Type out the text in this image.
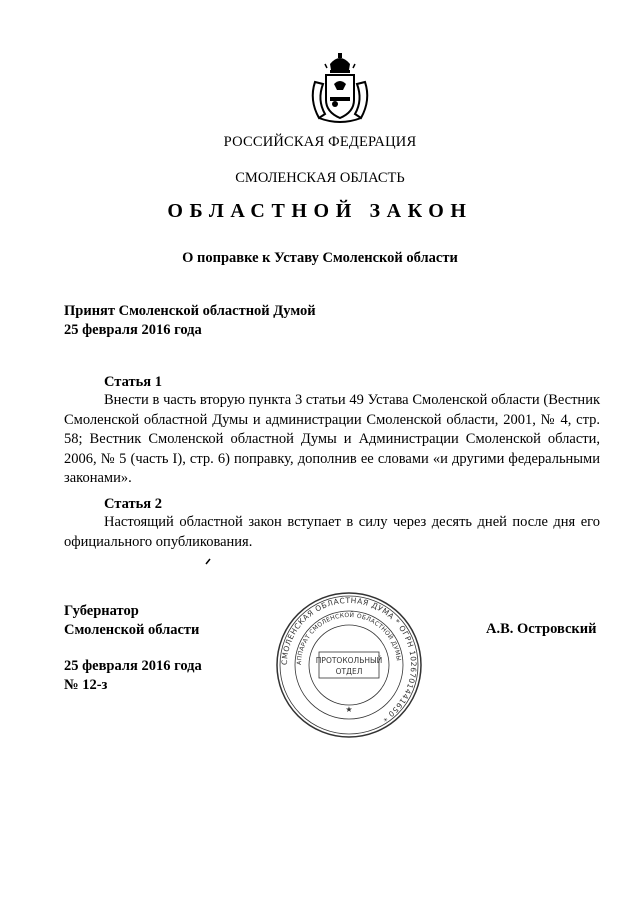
РОССИЙСКАЯ ФЕДЕРАЦИЯ
СМОЛЕНСКАЯ ОБЛАСТЬ
ОБЛАСТНОЙ ЗАКОН
О поправке к Уставу Смоленской области
Принят Смоленской областной Думой
25 февраля 2016 года
Статья 1

Внести в часть вторую пункта 3 статьи 49 Устава Смоленской области (Вестник Смоленской областной Думы и администрации Смоленской области, 2001, № 4, стр. 58; Вестник Смоленской областной Думы и Администрации Смоленской области, 2006, № 5 (часть I), стр. 6) поправку, дополнив ее словами «и другими федеральными законами».

Статья 2

Настоящий областной закон вступает в силу через десять дней после дня его официального опубликования.

Губернатор
Смоленской области
СМОЛЕНСКАЯ ОБЛАСТНАЯ ДУМА * ОГРН 1026701441650 *
АППАРАТ СМОЛЕНСКОЙ ОБЛАСТНОЙ ДУМЫ
ПРОТОКОЛЬНЫЙ
ОТДЕЛ
★
А.В. Островский
25 февраля 2016 года
№ 12-з
